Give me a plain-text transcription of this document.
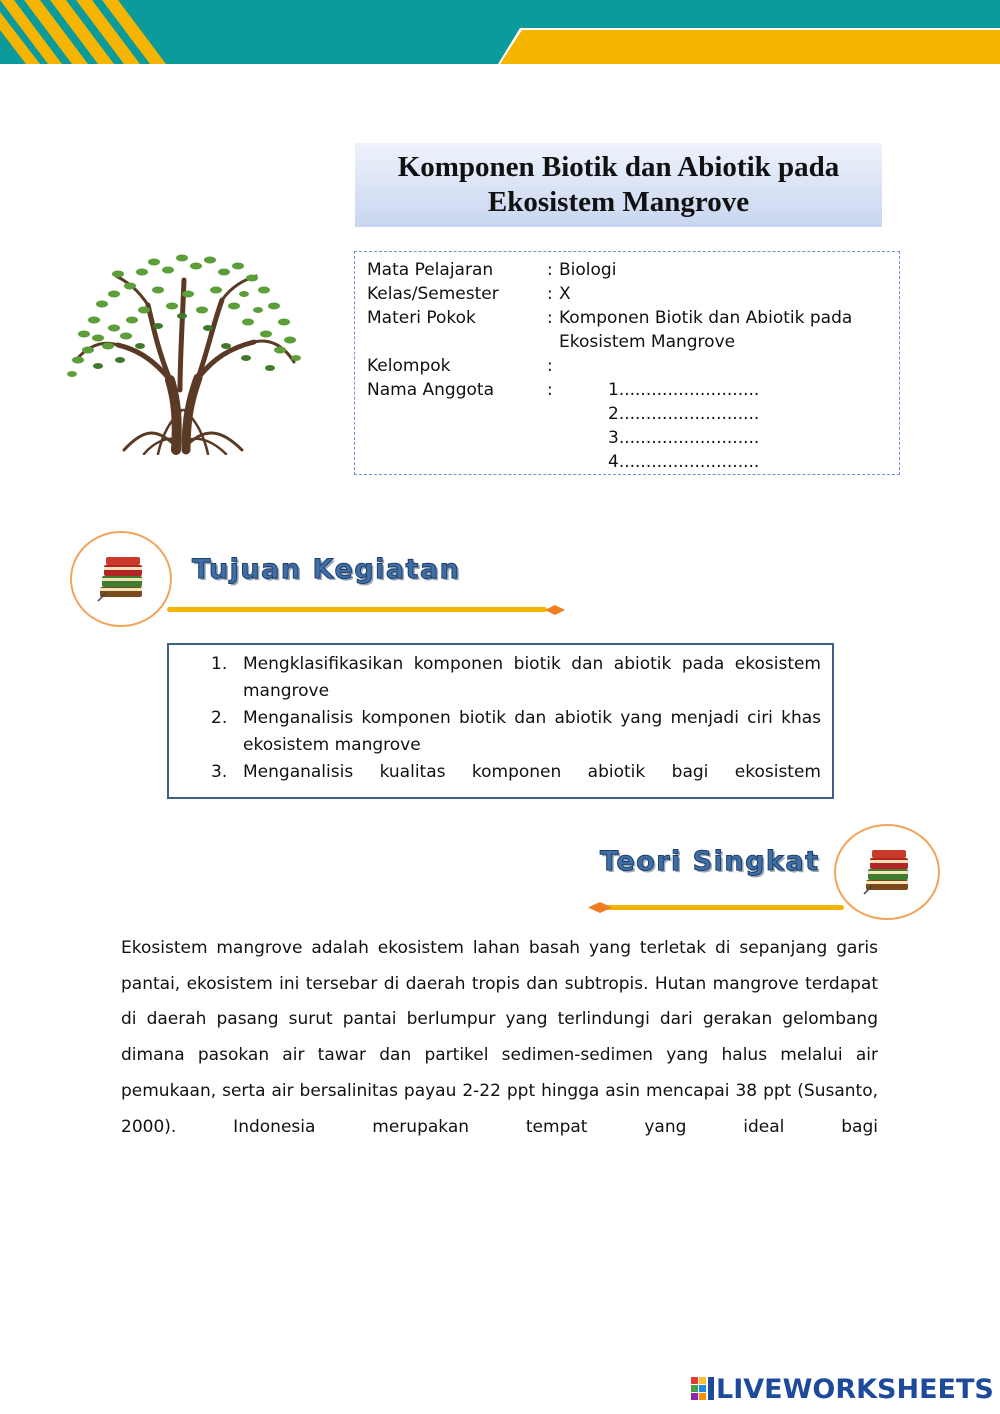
Komponen Biotik dan Abiotik pada
Ekosistem Mangrove
Mata Pelajaran	: Biologi
Kelas/Semester	: X
Materi Pokok	: Komponen Biotik dan Abiotik pada
Ekosistem Mangrove
Kelompok	:
Nama Anggota	:	1..........................
2..........................
3..........................
4..........................
Tujuan Kegiatan
1. Mengklasifikasikan komponen biotik dan abiotik pada ekosistem mangrove
2. Menganalisis komponen biotik dan abiotik yang menjadi ciri khas ekosistem mangrove
3. Menganalisis kualitas komponen abiotik bagi ekosistem
Teori Singkat

Ekosistem mangrove adalah ekosistem lahan basah yang terletak di sepanjang garis pantai, ekosistem ini tersebar di daerah tropis dan subtropis. Hutan mangrove terdapat di daerah pasang surut pantai berlumpur yang terlindungi dari gerakan gelombang dimana pasokan air tawar dan partikel sedimen-sedimen yang halus melalui air pemukaan, serta air bersalinitas payau 2-22 ppt hingga asin mencapai 38 ppt (Susanto, 2000). Indonesia merupakan tempat yang ideal bagi

LIVEWORKSHEETS
